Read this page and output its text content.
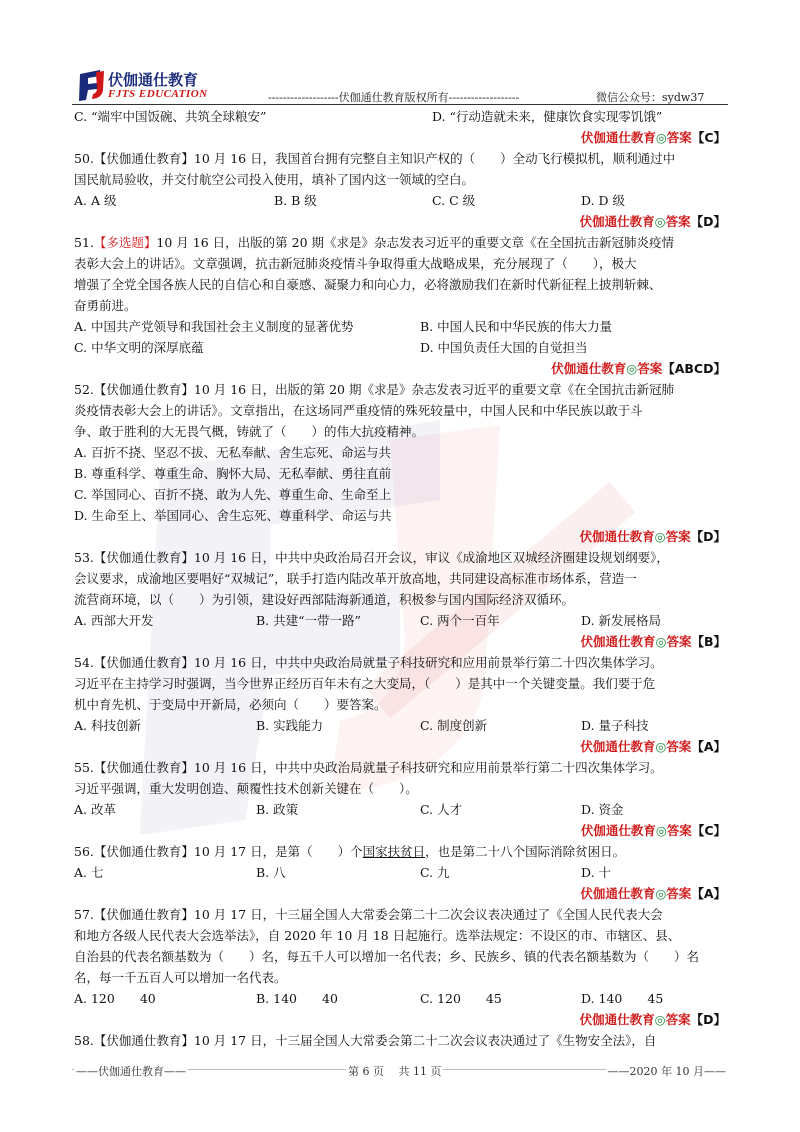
伏伽通仕教育
FJTS EDUCATION	-------------------伏伽通仕教育版权所有-------------------	微信公众号：sydw37
C. “端牢中国饭碗、共筑全球粮安”	D. “行动造就未来，健康饮食实现零饥饿”
伏伽通仕教育◎答案【C】
50.【伏伽通仕教育】10 月 16 日，我国首台拥有完整自主知识产权的（　　）全动飞行模拟机，顺利通过中
国民航局验收，并交付航空公司投入使用，填补了国内这一领域的空白。
A. A 级	B. B 级	C. C 级	D. D 级
伏伽通仕教育◎答案【D】
51.【多选题】10 月 16 日，出版的第 20 期《求是》杂志发表习近平的重要文章《在全国抗击新冠肺炎疫情
表彰大会上的讲话》。文章强调，抗击新冠肺炎疫情斗争取得重大战略成果，充分展现了（　　），极大
增强了全党全国各族人民的自信心和自豪感、凝聚力和向心力，必将激励我们在新时代新征程上披荆斩棘、
奋勇前进。
A. 中国共产党领导和我国社会主义制度的显著优势	B. 中国人民和中华民族的伟大力量
C. 中华文明的深厚底蕴	D. 中国负责任大国的自觉担当
伏伽通仕教育◎答案【ABCD】
52.【伏伽通仕教育】10 月 16 日，出版的第 20 期《求是》杂志发表习近平的重要文章《在全国抗击新冠肺
炎疫情表彰大会上的讲话》。文章指出，在这场同严重疫情的殊死较量中，中国人民和中华民族以敢于斗
争、敢于胜利的大无畏气概，铸就了（　　）的伟大抗疫精神。
A. 百折不挠、坚忍不拔、无私奉献、舍生忘死、命运与共
B. 尊重科学、尊重生命、胸怀大局、无私奉献、勇往直前
C. 举国同心、百折不挠、敢为人先、尊重生命、生命至上
D. 生命至上、举国同心、舍生忘死、尊重科学、命运与共
伏伽通仕教育◎答案【D】
53.【伏伽通仕教育】10 月 16 日，中共中央政治局召开会议，审议《成渝地区双城经济圈建设规划纲要》，
会议要求，成渝地区要唱好“双城记”，联手打造内陆改革开放高地，共同建设高标准市场体系，营造一
流营商环境，以（　　）为引领，建设好西部陆海新通道，积极参与国内国际经济双循环。
A. 西部大开发	B. 共建“一带一路”	C. 两个一百年	D. 新发展格局
伏伽通仕教育◎答案【B】
54.【伏伽通仕教育】10 月 16 日，中共中央政治局就量子科技研究和应用前景举行第二十四次集体学习。
习近平在主持学习时强调，当今世界正经历百年未有之大变局，（　　）是其中一个关键变量。我们要于危
机中育先机、于变局中开新局，必须向（　　）要答案。
A. 科技创新	B. 实践能力	C. 制度创新	D. 量子科技
伏伽通仕教育◎答案【A】
55.【伏伽通仕教育】10 月 16 日，中共中央政治局就量子科技研究和应用前景举行第二十四次集体学习。
习近平强调，重大发明创造、颠覆性技术创新关键在（　　）。
A. 改革	B. 政策	C. 人才	D. 资金
伏伽通仕教育◎答案【C】
56.【伏伽通仕教育】10 月 17 日，是第（　　）个国家扶贫日，也是第二十八个国际消除贫困日。
A. 七	B. 八	C. 九	D. 十
伏伽通仕教育◎答案【A】
57.【伏伽通仕教育】10 月 17 日，十三届全国人大常委会第二十二次会议表决通过了《全国人民代表大会
和地方各级人民代表大会选举法》，自 2020 年 10 月 18 日起施行。选举法规定：不设区的市、市辖区、县、
自治县的代表名额基数为（　　）名，每五千人可以增加一名代表；乡、民族乡、镇的代表名额基数为（　　）名
名，每一千五百人可以增加一名代表。
A. 120　　40	B. 140　　40	C. 120　　45	D. 140　　45
伏伽通仕教育◎答案【D】
58.【伏伽通仕教育】10 月 17 日，十三届全国人大常委会第二十二次会议表决通过了《生物安全法》，自
——伏伽通仕教育——	第 6 页　 共 11 页	——2020 年 10 月——
